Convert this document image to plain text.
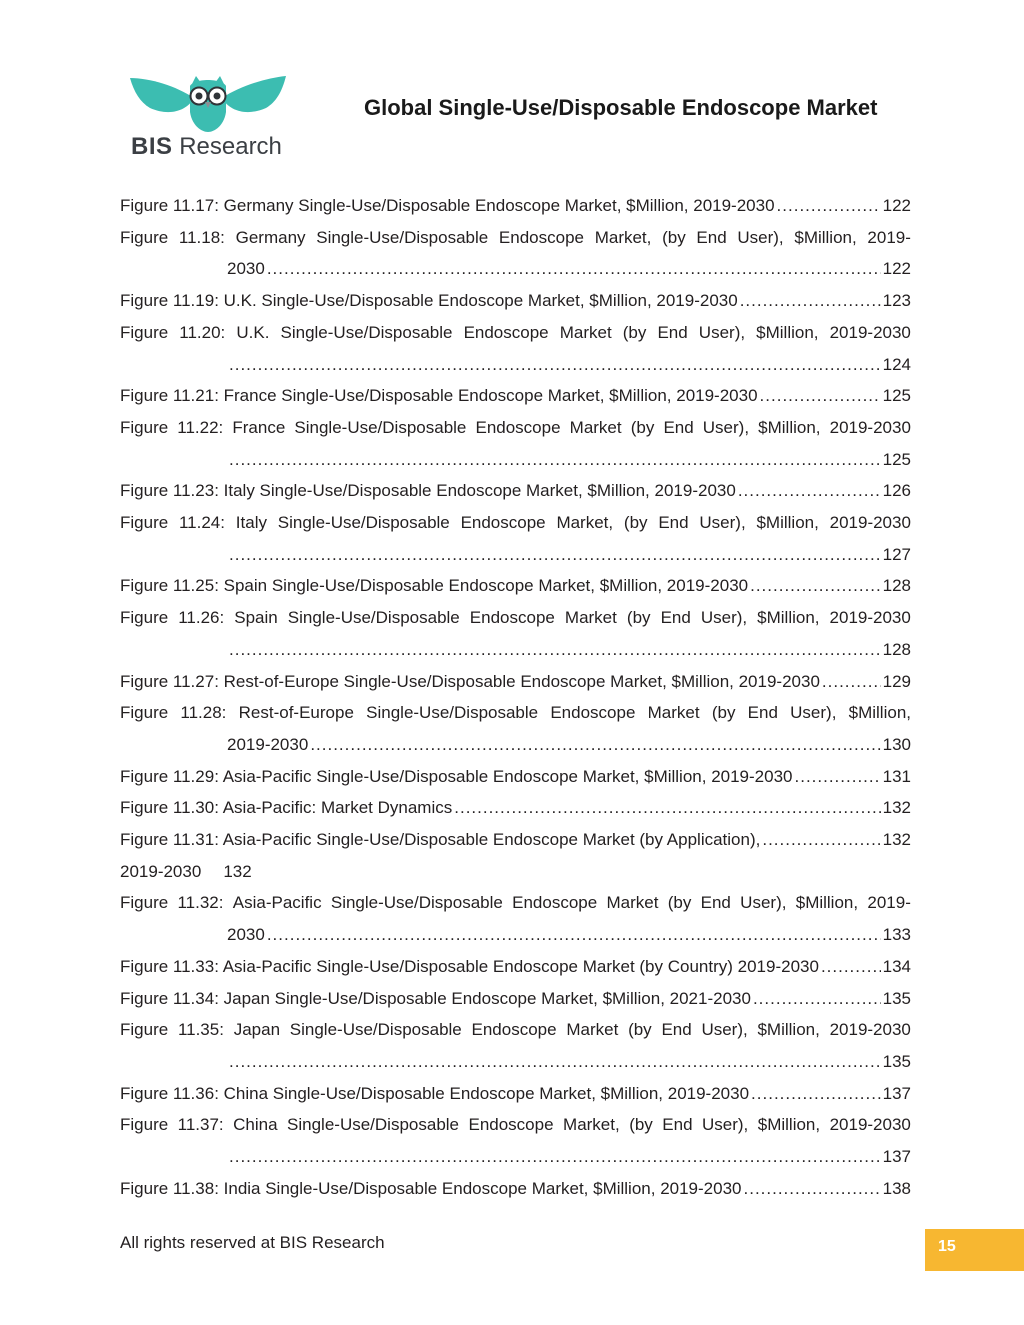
BIS Research
Global Single-Use/Disposable Endoscope Market
Figure 11.17: Germany Single-Use/Disposable Endoscope Market, $Million, 2019-2030 .....	122
Figure 11.18: Germany Single-Use/Disposable Endoscope Market, (by End User), $Million, 2019-
2030 .....	122
Figure 11.19: U.K. Single-Use/Disposable Endoscope Market, $Million, 2019-2030 .....	123
Figure 11.20: U.K. Single-Use/Disposable Endoscope Market (by End User), $Million, 2019-2030
.....
124
Figure 11.21: France Single-Use/Disposable Endoscope Market, $Million, 2019-2030 .....	125
Figure 11.22: France Single-Use/Disposable Endoscope Market (by End User), $Million, 2019-2030
.....
125
Figure 11.23: Italy Single-Use/Disposable Endoscope Market, $Million, 2019-2030 .....	126
Figure 11.24: Italy Single-Use/Disposable Endoscope Market, (by End User), $Million, 2019-2030
.....
127
Figure 11.25: Spain Single-Use/Disposable Endoscope Market, $Million, 2019-2030 .....	128
Figure 11.26: Spain Single-Use/Disposable Endoscope Market (by End User), $Million, 2019-2030
.....
128
Figure 11.27: Rest-of-Europe Single-Use/Disposable Endoscope Market, $Million, 2019-2030 .....	129
Figure 11.28: Rest-of-Europe Single-Use/Disposable Endoscope Market (by End User), $Million,
2019-2030 .....	130
Figure 11.29: Asia-Pacific Single-Use/Disposable Endoscope Market, $Million, 2019-2030 .....	131
Figure 11.30: Asia-Pacific: Market Dynamics .....	132
Figure 11.31: Asia-Pacific Single-Use/Disposable Endoscope Market (by Application), .....	132
2019-2030 132
Figure 11.32: Asia-Pacific Single-Use/Disposable Endoscope Market (by End User), $Million, 2019-
2030 .....	133
Figure 11.33: Asia-Pacific Single-Use/Disposable Endoscope Market (by Country) 2019-2030 .....	134
Figure 11.34: Japan Single-Use/Disposable Endoscope Market, $Million, 2021-2030 .....	135
Figure 11.35: Japan Single-Use/Disposable Endoscope Market (by End User), $Million, 2019-2030
.....
135
Figure 11.36: China Single-Use/Disposable Endoscope Market, $Million, 2019-2030 .....	137
Figure 11.37: China Single-Use/Disposable Endoscope Market, (by End User), $Million, 2019-2030
.....
137
Figure 11.38: India Single-Use/Disposable Endoscope Market, $Million, 2019-2030 .....	138
All rights reserved at BIS Research	15
